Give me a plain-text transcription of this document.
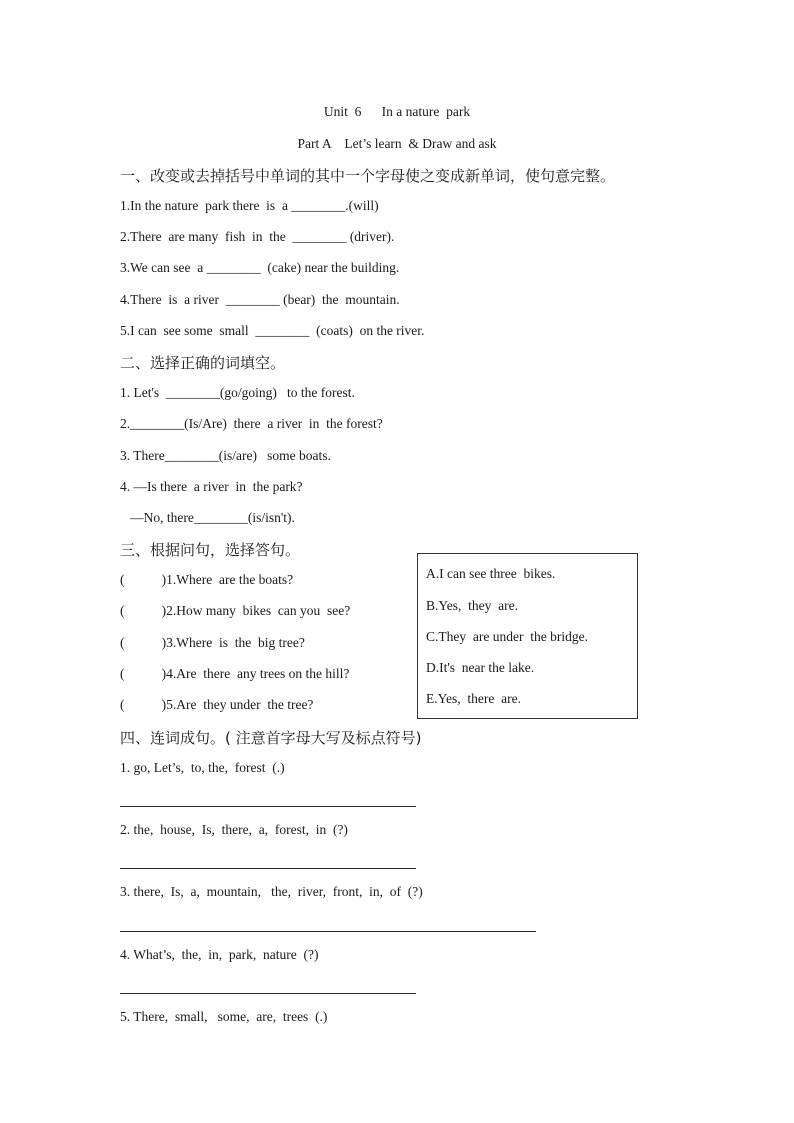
Unit  6      In a nature  park
Part A    Let’s learn  & Draw and ask
一、改变或去掉括号中单词的其中一个字母使之变成新单词，使句意完整。
1.In the nature  park there  is  a ________.(will)
2.There  are many  fish  in  the  ________ (driver).
3.We can see  a ________  (cake) near the building.
4.There  is  a river  ________ (bear)  the  mountain.
5.I can  see some  small  ________  (coats)  on the river.
二、选择正确的词填空。
1. Let's  ________(go/going)   to the forest.
2.________(Is/Are)  there  a river  in  the forest?
3. There________(is/are)   some boats.
4. —Is there  a river  in  the park?
—No, there________(is/isn't).
三、根据问句，选择答句。
(           )1.Where  are the boats?
(           )2.How many  bikes  can you  see?
(           )3.Where  is  the  big tree?
(           )4.Are  there  any trees on the hill?
(           )5.Are  they under  the tree?
A.I can see three  bikes.
B.Yes,  they  are.
C.They  are under  the bridge.
D.It's  near the lake.
E.Yes,  there  are.
四、连词成句。( 注意首字母大写及标点符号)
1. go, Let’s,  to, the,  forest  (.)
2. the,  house,  Is,  there,  a,  forest,  in  (?)
3. there,  Is,  a,  mountain,   the,  river,  front,  in,  of  (?)
4. What’s,  the,  in,  park,  nature  (?)
5. There,  small,   some,  are,  trees  (.)
